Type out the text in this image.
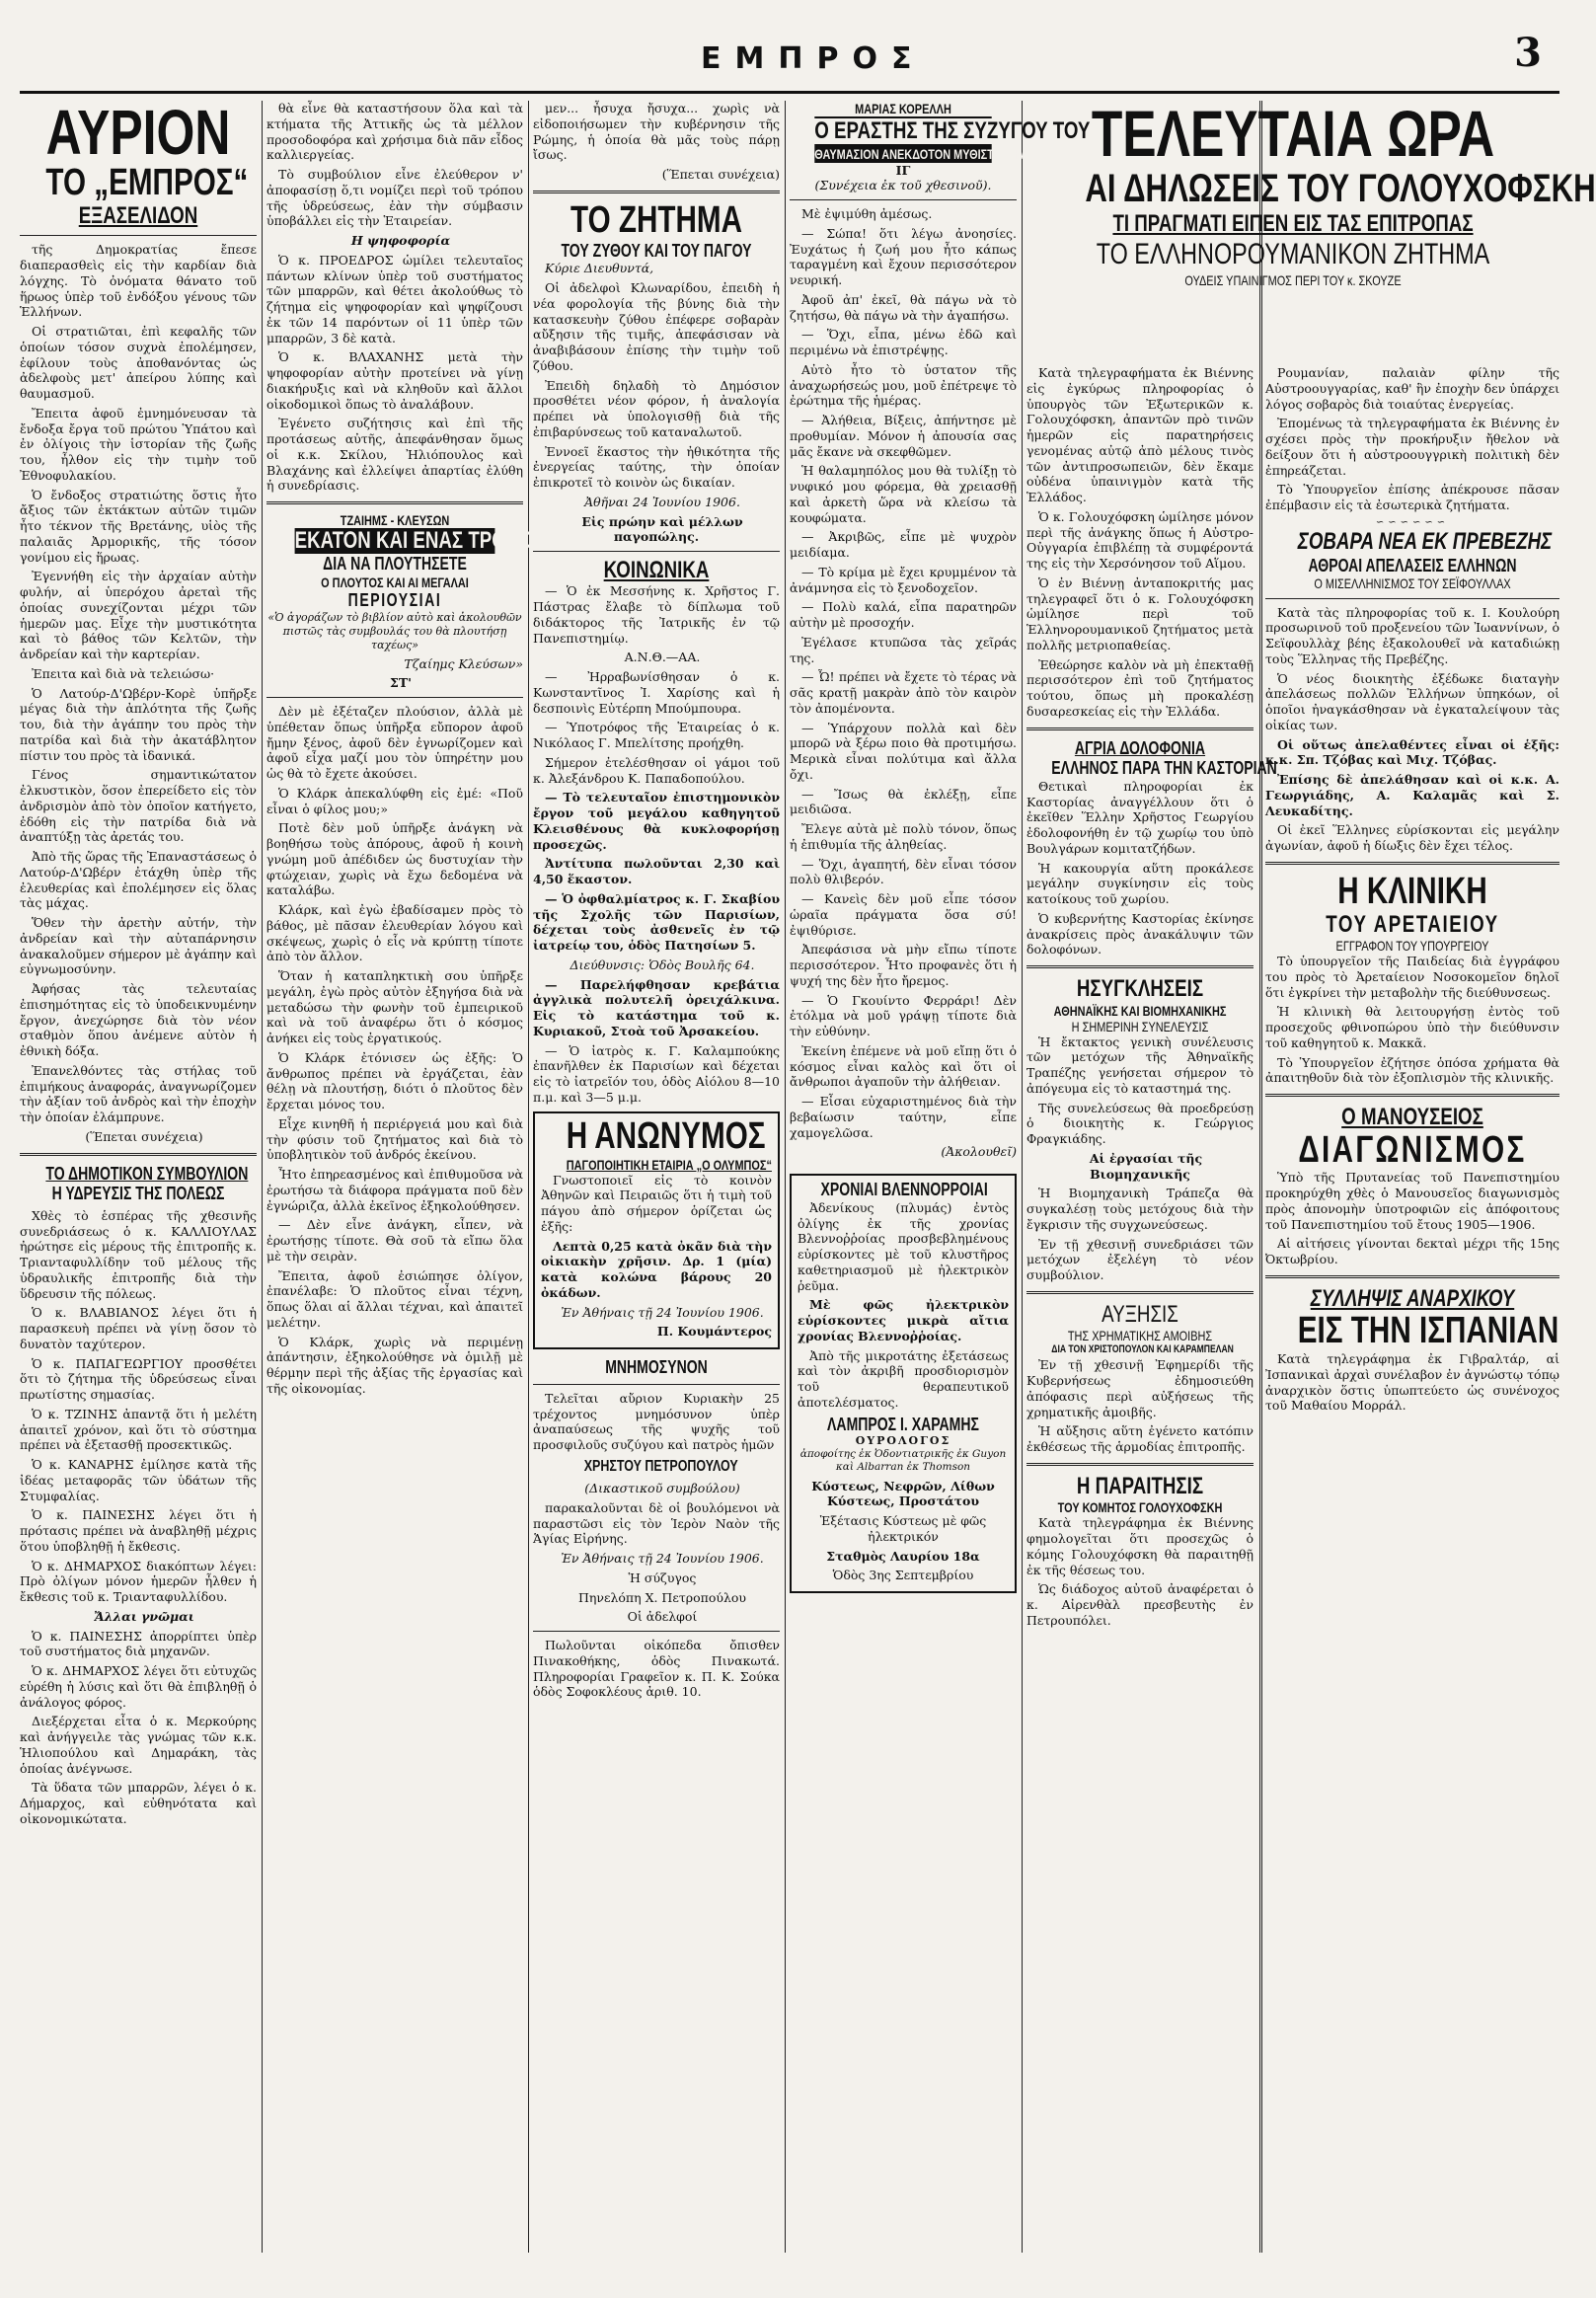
ΕΜΠΡΟΣ	3
ΑΥΡΙΟΝ
ΤΟ „ΕΜΠΡΟΣ“
ΕΞΑΣΕΛΙΔΟΝ

τῆς Δημοκρατίας ἔπεσε διαπερασθεὶς εἰς τὴν καρδίαν διὰ λόγχης. Τὸ ὀνόματα θάνατο τοῦ ἥρωος ὑπὲρ τοῦ ἐνδόξου γένους τῶν Ἑλλήνων.

Οἱ στρατιῶται, ἐπὶ κεφαλῆς τῶν ὁποίων τόσον συχνὰ ἐπολέμησεν, ἐφίλουν τοὺς ἀποθανόντας ὡς ἀδελφοὺς μετ' ἀπείρου λύπης καὶ θαυμασμοῦ.

Ἔπειτα ἀφοῦ ἐμνημόνευσαν τὰ ἔνδοξα ἔργα τοῦ πρώτου Ὑπάτου καὶ ἐν ὀλίγοις τὴν ἱστορίαν τῆς ζωῆς του, ἦλθον εἰς τὴν τιμὴν τοῦ Ἐθνοφυλακίου.

Ὁ ἔνδοξος στρατιώτης ὅστις ἦτο ἄξιος τῶν ἐκτάκτων αὐτῶν τιμῶν ἦτο τέκνον τῆς Βρετάνης, υἱὸς τῆς παλαιᾶς Ἀρμορικῆς, τῆς τόσον γονίμου εἰς ἥρωας.

Ἐγεννήθη εἰς τὴν ἀρχαίαν αὐτὴν φυλήν, αἱ ὑπερόχου ἀρεταὶ τῆς ὁποίας συνεχίζονται μέχρι τῶν ἡμερῶν μας. Εἶχε τὴν μυστικότητα καὶ τὸ βάθος τῶν Κελτῶν, τὴν ἀνδρείαν καὶ τὴν καρτερίαν.

Ἐπειτα καὶ διὰ νὰ τελειώσω·

Ὁ Λατούρ-Δ'Ωβέρν-Κορὲ ὑπῆρξε μέγας διὰ τὴν ἀπλότητα τῆς ζωῆς του, διὰ τὴν ἀγάπην του πρὸς τὴν πατρίδα καὶ διὰ τὴν ἀκατάβλητον πίστιν του πρὸς τὰ ἰδανικά.

Γένος σημαντικώτατον ἐλκυστικὸν, ὅσον ἐπερείδετο εἰς τὸν ἀνδρισμὸν ἀπὸ τὸν ὁποῖον κατήγετο, ἐδόθη εἰς τὴν πατρίδα διὰ νὰ ἀναπτύξῃ τὰς ἀρετάς του.

Ἀπὸ τῆς ὥρας τῆς Ἐπαναστάσεως ὁ Λατούρ-Δ'Ωβέρν ἐτάχθη ὑπὲρ τῆς ἐλευθερίας καὶ ἐπολέμησεν εἰς ὅλας τὰς μάχας.

Ὅθεν τὴν ἀρετὴν αὐτήν, τὴν ἀνδρείαν καὶ τὴν αὐταπάρνησιν ἀνακαλοῦμεν σήμερον μὲ ἀγάπην καὶ εὐγνωμοσύνην.

Ἀφήσας τὰς τελευταίας ἐπισημότητας εἰς τὸ ὑποδεικνυμένην ἔργον, ἀνεχώρησε διὰ τὸν νέον σταθμὸν ὅπου ἀνέμενε αὐτὸν ἡ ἐθνικὴ δόξα.

Ἐπανελθόντες τὰς στήλας τοῦ ἐπιμήκους ἀναφοράς, ἀναγνωρίζομεν τὴν ἀξίαν τοῦ ἀνδρὸς καὶ τὴν ἐποχὴν τὴν ὁποίαν ἐλάμπρυνε.

(Ἕπεται συνέχεια)

ΤΟ ΔΗΜΟΤΙΚΟΝ ΣΥΜΒΟΥΛΙΟΝ
Η ΥΔΡΕΥΣΙΣ ΤΗΣ ΠΟΛΕΩΣ

Χθὲς τὸ ἑσπέρας τῆς χθεσινῆς συνεδριάσεως ὁ κ. ΚΑΛΛΙΟΥΛΑΣ ἠρώτησε εἰς μέρους τῆς ἐπιτροπῆς κ. Τριανταφυλλίδην τοῦ μέλους τῆς ὑδραυλικῆς ἐπιτροπῆς διὰ τὴν ὕδρευσιν τῆς πόλεως.

Ὁ κ. ΒΛΑΒΙΑΝΟΣ λέγει ὅτι ἡ παρασκευὴ πρέπει νὰ γίνῃ ὅσον τὸ δυνατὸν ταχύτερον.

Ὁ κ. ΠΑΠΑΓΕΩΡΓΙΟΥ προσθέτει ὅτι τὸ ζήτημα τῆς ὑδρεύσεως εἶναι πρωτίστης σημασίας.

Ὁ κ. ΤΖΙΝΗΣ ἀπαντᾷ ὅτι ἡ μελέτη ἀπαιτεῖ χρόνον, καὶ ὅτι τὸ σύστημα πρέπει νὰ ἐξετασθῇ προσεκτικῶς.

Ὁ κ. ΚΑΝΑΡΗΣ ἐμίλησε κατὰ τῆς ἰδέας μεταφορᾶς τῶν ὑδάτων τῆς Στυμφαλίας.

Ὁ κ. ΠΑΙΝΕΣΗΣ λέγει ὅτι ἡ πρότασις πρέπει νὰ ἀναβληθῇ μέχρις ὅτου ὑποβληθῇ ἡ ἔκθεσις.

Ὁ κ. ΔΗΜΑΡΧΟΣ διακόπτων λέγει: Πρὸ ὀλίγων μόνον ἡμερῶν ἦλθεν ἡ ἔκθεσις τοῦ κ. Τριανταφυλλίδου.

Ἄλλαι γνῶμαι

Ὁ κ. ΠΑΙΝΕΣΗΣ ἀπορρίπτει ὑπὲρ τοῦ συστήματος διὰ μηχανῶν.

Ὁ κ. ΔΗΜΑΡΧΟΣ λέγει ὅτι εὐτυχῶς εὑρέθη ἡ λύσις καὶ ὅτι θὰ ἐπιβληθῇ ὁ ἀνάλογος φόρος.

Διεξέρχεται εἶτα ὁ κ. Μερκούρης καὶ ἀνήγγειλε τὰς γνώμας τῶν κ.κ. Ἡλιοπούλου καὶ Δημαράκη, τὰς ὁποίας ἀνέγνωσε.

Τὰ ὕδατα τῶν μπαρρῶν, λέγει ὁ κ. Δήμαρχος, καὶ εὐθηνότατα καὶ οἰκονομικώτατα.

θὰ εἶνε θὰ καταστήσουν ὅλα καὶ τὰ κτήματα τῆς Ἀττικῆς ὡς τὰ μέλλον προσοδοφόρα καὶ χρήσιμα διὰ πᾶν εἶδος καλλιεργείας.

Τὸ συμβούλιον εἶνε ἐλεύθερον ν' ἀποφασίσῃ ὅ,τι νομίζει περὶ τοῦ τρόπου τῆς ὑδρεύσεως, ἐὰν τὴν σύμβασιν ὑποβάλλει εἰς τὴν Ἑταιρείαν.

Η ψηφοφορία

Ὁ κ. ΠΡΟΕΔΡΟΣ ὡμίλει τελευταῖος πάντων κλίνων ὑπὲρ τοῦ συστήματος τῶν μπαρρῶν, καὶ θέτει ἀκολούθως τὸ ζήτημα εἰς ψηφοφορίαν καὶ ψηφίζουσι ἐκ τῶν 14 παρόντων οἱ 11 ὑπὲρ τῶν μπαρρῶν, 3 δὲ κατὰ.

Ὁ κ. ΒΛΑΧΑΝΗΣ μετὰ τὴν ψηφοφορίαν αὐτὴν προτείνει νὰ γίνῃ διακήρυξις καὶ νὰ κληθοῦν καὶ ἄλλοι οἰκοδομικοὶ ὅπως τὸ ἀναλάβουν.

Ἐγένετο συζήτησις καὶ ἐπὶ τῆς προτάσεως αὐτῆς, ἀπεφάνθησαν ὅμως οἱ κ.κ. Σκίλου, Ἠλιόπουλος καὶ Βλαχάνης καὶ ἐλλείψει ἀπαρτίας ἐλύθη ἡ συνεδρίασις.

ΤΖΑΙΗΜΣ - ΚΛΕΥΣΩΝ
ΕΚΑΤΟΝ ΚΑΙ ΕΝΑΣ ΤΡΟΠΟΙ
ΔΙΑ ΝΑ ΠΛΟΥΤΗΣΕΤΕ
Ο ΠΛΟΥΤΟΣ ΚΑΙ ΑΙ ΜΕΓΑΛΑΙ
ΠΕΡΙΟΥΣΙΑΙ

«Ὁ ἀγοράζων τὸ βιβλίον αὐτὸ καὶ ἀκολουθῶν πιστῶς τὰς συμβουλάς του θὰ πλουτήσῃ ταχέως»

Τζαίημς Κλεύσων»

ΣΤ'

Δὲν μὲ ἐξέταζεν πλούσιον, ἀλλὰ μὲ ὑπέθεταν ὅπως ὑπῆρξα εὔπορον ἀφοῦ ἤμην ξένος, ἀφοῦ δὲν ἐγνωρίζομεν καὶ ἀφοῦ εἶχα μαζί μου τὸν ὑπηρέτην μου ὡς θὰ τὸ ἔχετε ἀκούσει.

Ὁ Κλάρκ ἀπεκαλύφθη εἰς ἐμέ: «Ποῦ εἶναι ὁ φίλος μου;»

Ποτὲ δὲν μοῦ ὑπῆρξε ἀνάγκη νὰ βοηθήσω τοὺς ἀπόρους, ἀφοῦ ἡ κοινὴ γνώμη μοῦ ἀπέδιδεν ὡς δυστυχίαν τὴν φτώχειαν, χωρὶς νὰ ἔχω δεδομένα νὰ καταλάβω.

Κλάρκ, καὶ ἐγὼ ἐβαδίσαμεν πρὸς τὸ βάθος, μὲ πᾶσαν ἐλευθερίαν λόγου καὶ σκέψεως, χωρὶς ὁ εἷς νὰ κρύπτῃ τίποτε ἀπὸ τὸν ἄλλον.

Ὅταν ἡ καταπληκτικὴ σου ὑπῆρξε μεγάλη, ἐγὼ πρὸς αὐτὸν ἐξηγήσα διὰ νὰ μεταδώσω τὴν φωνὴν τοῦ ἐμπειρικοῦ καὶ νὰ τοῦ ἀναφέρω ὅτι ὁ κόσμος ἀνήκει εἰς τοὺς ἐργατικούς.

Ὁ Κλάρκ ἐτόνισεν ὡς ἐξῆς: Ὁ ἄνθρωπος πρέπει νὰ ἐργάζεται, ἐὰν θέλῃ νὰ πλουτήσῃ, διότι ὁ πλοῦτος δὲν ἔρχεται μόνος του.

Εἶχε κινηθῆ ἡ περιέργειά μου καὶ διὰ τὴν φύσιν τοῦ ζητήματος καὶ διὰ τὸ ὑποβλητικὸν τοῦ ἀνδρός ἐκείνου.

Ἦτο ἐπηρεασμένος καὶ ἐπιθυμοῦσα νὰ ἐρωτήσω τὰ διάφορα πράγματα ποῦ δὲν ἐγνώριζα, ἀλλὰ ἐκεῖνος ἐξηκολούθησεν.

— Δὲν εἶνε ἀνάγκη, εἶπεν, νὰ ἐρωτήσῃς τίποτε. Θὰ σοῦ τὰ εἴπω ὅλα μὲ τὴν σειρὰν.

Ἔπειτα, ἀφοῦ ἐσιώπησε ὀλίγον, ἐπανέλαβε: Ὁ πλοῦτος εἶναι τέχνη, ὅπως ὅλαι αἱ ἄλλαι τέχναι, καὶ ἀπαιτεῖ μελέτην.

Ὁ Κλάρκ, χωρὶς νὰ περιμένῃ ἀπάντησιν, ἐξηκολούθησε νὰ ὁμιλῇ μὲ θέρμην περὶ τῆς ἀξίας τῆς ἐργασίας καὶ τῆς οἰκονομίας.

μεν... ἦσυχα ἤσυχα... χωρὶς νὰ εἰδοποιήσωμεν τὴν κυβέρνησιν τῆς Ρώμης, ἡ ὁποία θὰ μᾶς τοὺς πάρῃ ἴσως.

(Ἕπεται συνέχεια)

ΤΟ ΖΗΤΗΜΑ
ΤΟΥ ΖΥΘΟΥ ΚΑΙ ΤΟΥ ΠΑΓΟΥ

Κύριε Διευθυντά,

Οἱ ἀδελφοὶ Κλωναρίδου, ἐπειδὴ ἡ νέα φορολογία τῆς βύνης διὰ τὴν κατασκευὴν ζύθου ἐπέφερε σοβαρὰν αὔξησιν τῆς τιμῆς, ἀπεφάσισαν νὰ ἀναβιβάσουν ἐπίσης τὴν τιμὴν τοῦ ζύθου.

Ἐπειδὴ δηλαδὴ τὸ Δημόσιον προσθέτει νέον φόρον, ἡ ἀναλογία πρέπει νὰ ὑπολογισθῇ διὰ τῆς ἐπιβαρύνσεως τοῦ καταναλωτοῦ.

Ἐννοεῖ ἕκαστος τὴν ἠθικότητα τῆς ἐνεργείας ταύτης, τὴν ὁποίαν ἐπικροτεῖ τὸ κοινὸν ὡς δικαίαν.

Ἀθῆναι 24 Ἰουνίου 1906.

Εἰς πρώην καὶ μέλλων παγοπώλης.

ΚΟΙΝΩΝΙΚΑ

— Ὁ ἐκ Μεσσήνης κ. Χρῆστος Γ. Πάστρας ἔλαβε τὸ δίπλωμα τοῦ διδάκτορος τῆς Ἰατρικῆς ἐν τῷ Πανεπιστημίῳ.

Α.Ν.Θ.—ΑΑ.

— Ἠρραβωνίσθησαν ὁ κ. Κωνσταντῖνος Ἰ. Χαρίσης καὶ ἡ δεσποινὶς Εὐτέρπη Μπούμπουρα.

— Ὑποτρόφος τῆς Ἑταιρείας ὁ κ. Νικόλαος Γ. Μπελίτσης προήχθη.

Σήμερον ἐτελέσθησαν οἱ γάμοι τοῦ κ. Ἀλεξάνδρου Κ. Παπαδοπούλου.

— Τὸ τελευταῖον ἐπιστημονικὸν ἔργον τοῦ μεγάλου καθηγητοῦ Κλεισθένους θὰ κυκλοφορήσῃ προσεχῶς.

Ἀντίτυπα πωλοῦνται 2,30 καὶ 4,50 ἕκαστον.

— Ὁ ὀφθαλμίατρος κ. Γ. Σκαβίου τῆς Σχολῆς τῶν Παρισίων, δέχεται τοὺς ἀσθενεῖς ἐν τῷ ἰατρείῳ του, ὁδὸς Πατησίων 5.

Διεύθυνσις: Ὁδὸς Βουλῆς 64.

— Παρελήφθησαν κρεβάτια ἀγγλικὰ πολυτελῆ ὀρειχάλκινα. Εἰς τὸ κατάστημα τοῦ κ. Κυριακοῦ, Στοὰ τοῦ Ἀρσακείου.

— Ὁ ἰατρὸς κ. Γ. Καλαμπούκης ἐπανῆλθεν ἐκ Παρισίων καὶ δέχεται εἰς τὸ ἰατρεῖόν του, ὁδὸς Αἰόλου 8—10 π.μ. καὶ 3—5 μ.μ.

Η ΑΝΩΝΥΜΟΣ
ΠΑΓΟΠΟΙΗΤΙΚΗ ΕΤΑΙΡΙΑ „Ο ΟΛΥΜΠΟΣ“

Γνωστοποιεῖ εἰς τὸ κοινὸν Ἀθηνῶν καὶ Πειραιῶς ὅτι ἡ τιμὴ τοῦ πάγου ἀπὸ σήμερον ὁρίζεται ὡς ἑξῆς:

Λεπτὰ 0,25 κατὰ ὀκᾶν διὰ τὴν οἰκιακὴν χρῆσιν. Δρ. 1 (μία) κατὰ κολώνα βάρους 20 ὀκάδων.

Ἐν Ἀθήναις τῇ 24 Ἰουνίου 1906.

Π. Κουμάντερος

ΜΝΗΜΟΣΥΝΟΝ

Τελεῖται αὔριον Κυριακὴν 25 τρέχοντος μνημόσυνον ὑπὲρ ἀναπαύσεως τῆς ψυχῆς τοῦ προσφιλοῦς συζύγου καὶ πατρὸς ἡμῶν

ΧΡΗΣΤΟΥ ΠΕΤΡΟΠΟΥΛΟΥ

(Δικαστικοῦ συμβούλου)

παρακαλοῦνται δὲ οἱ βουλόμενοι νὰ παραστῶσι εἰς τὸν Ἱερὸν Ναὸν τῆς Ἁγίας Εἰρήνης.

Ἐν Ἀθήναις τῇ 24 Ἰουνίου 1906.

Ἡ σύζυγος

Πηνελόπη Χ. Πετροπούλου

Οἱ ἀδελφοί

Πωλοῦνται οἰκόπεδα ὄπισθεν Πινακοθήκης, ὁδὸς Πινακωτά. Πληροφορίαι Γραφεῖον κ. Π. Κ. Σούκα ὁδὸς Σοφοκλέους ἀριθ. 10.

ΜΑΡΙΑΣ ΚΟΡΕΛΛΗ
Ο ΕΡΑΣΤΗΣ ΤΗΣ ΣΥΖΥΓΟΥ ΤΟΥ
ΘΑΥΜΑΣΙΟΝ ΑΝΕΚΔΟΤΟΝ ΜΥΘΙΣΤΟΡΗΜΑ
ΙΓ
(Συνέχεια ἐκ τοῦ χθεσινοῦ).

Μὲ ἐψιμύθη ἀμέσως.

— Σώπα! ὅτι λέγω ἀνοησίες. Ἐυχάτως ἡ ζωή μου ἦτο κάπως ταραγμένη καὶ ἔχουν περισσότερον νευρική.

Ἀφοῦ ἀπ' ἐκεῖ, θὰ πάγω νὰ τὸ ζητήσω, θὰ πάγω νὰ τὴν ἀγαπήσω.

— Ὅχι, εἶπα, μένω ἐδῶ καὶ περιμένω νὰ ἐπιστρέψῃς.

Αὐτὸ ἦτο τὸ ὑστατον τῆς ἀναχωρήσεώς μου, μοῦ ἐπέτρεψε τὸ ἐρώτημα τῆς ἡμέρας.

— Ἀλήθεια, Βίξεις, ἀπήντησε μὲ προθυμίαν. Μόνον ἡ ἀπουσία σας μᾶς ἔκανε νὰ σκεφθῶμεν.

Ἡ θαλαμηπόλος μου θὰ τυλίξῃ τὸ νυφικό μου φόρεμα, θὰ χρειασθῇ καὶ ἀρκετὴ ὥρα νὰ κλείσω τὰ κουφώματα.

— Ἀκριβῶς, εἶπε μὲ ψυχρὸν μειδίαμα.

— Τὸ κρίμα μὲ ἔχει κρυμμένον τὰ ἀνάμνησα εἰς τὸ ξενοδοχεῖον.

— Πολὺ καλά, εἶπα παρατηρῶν αὐτὴν μὲ προσοχήν.

Ἐγέλασε κτυπῶσα τὰς χεῖράς της.

— Ὦ! πρέπει νὰ ἔχετε τὸ τέρας νὰ σᾶς κρατῇ μακρὰν ἀπὸ τὸν καιρὸν τὸν ἀπομένοντα.

— Ὑπάρχουν πολλὰ καὶ δὲν μπορῶ νὰ ξέρω ποιο θὰ προτιμήσω. Μερικὰ εἶναι πολύτιμα καὶ ἄλλα ὄχι.

— Ἴσως θὰ ἐκλέξῃ, εἶπε μειδιῶσα.

Ἔλεγε αὐτὰ μὲ πολὺ τόνον, ὅπως ἡ ἐπιθυμία τῆς ἀληθείας.

— Ὅχι, ἀγαπητή, δὲν εἶναι τόσον πολὺ θλιβερόν.

— Κανεὶς δὲν μοῦ εἶπε τόσον ὡραῖα πράγματα ὅσα σύ! ἐψιθύρισε.

Ἀπεφάσισα νὰ μὴν εἴπω τίποτε περισσότερον. Ἦτο προφανὲς ὅτι ἡ ψυχή της δὲν ἦτο ἤρεμος.

— Ὁ Γκουίντο Φερράρι! Δὲν ἐτόλμα νὰ μοῦ γράψῃ τίποτε διὰ τὴν εὐθύνην.

Ἐκείνη ἐπέμενε νὰ μοῦ εἴπῃ ὅτι ὁ κόσμος εἶναι καλὸς καὶ ὅτι οἱ ἄνθρωποι ἀγαποῦν τὴν ἀλήθειαν.

— Εἶσαι εὐχαριστημένος διὰ τὴν βεβαίωσιν ταύτην, εἶπε χαμογελῶσα.

(Ἀκολουθεῖ)

ΧΡΟΝΙΑΙ ΒΛΕΝΝΟΡΡΟΙΑΙ

Ἀδενίκους (πλυμάς) ἐντὸς ὀλίγης ἐκ τῆς χρονίας Βλεννοῤῥοίας προσβεβλημένους εὐρίσκοντες μὲ τοῦ κλυστῆρος καθετηριασμοῦ μὲ ἠλεκτρικὸν ῥεῦμα.

Μὲ φῶς ἠλεκτρικὸν εὑρίσκοντες μικρὰ αἴτια χρονίας Βλεννοῤῥοίας.

Ἀπὸ τῆς μικροτάτης ἐξετάσεως καὶ τὸν ἀκριβῆ προσδιορισμὸν τοῦ θεραπευτικοῦ ἀποτελέσματος.

ΛΑΜΠΡΟΣ Ι. ΧΑΡΑΜΗΣ
ΟΥΡΟΛΟΓΟΣ

ἀποφοίτης ἐκ Ὀδοντιατρικῆς ἐκ Guyon καὶ Albarran ἐκ Thomson

Κύστεως, Νεφρῶν, Λίθων Κύστεως, Προστάτου

Ἑξέτασις Κύστεως μὲ φῶς ἠλεκτρικόν

Σταθμὸς Λαυρίου 18α

Ὁδὸς 3ης Σεπτεμβρίου

ΤΕΛΕΥΤΑΙΑ ΩΡΑ
ΑΙ ΔΗΛΩΣΕΙΣ ΤΟΥ ΓΟΛΟΥΧΟΦΣΚΗ
ΤΙ ΠΡΑΓΜΑΤΙ ΕΙΠΕΝ ΕΙΣ ΤΑΣ ΕΠΙΤΡΟΠΑΣ
ΤΟ ΕΛΛΗΝΟΡΟΥΜΑΝΙΚΟΝ ΖΗΤΗΜΑ
ΟΥΔΕΙΣ ΥΠΑΙΝΙΓΜΟΣ ΠΕΡΙ ΤΟΥ κ. ΣΚΟΥΖΕ

Κατὰ τηλεγραφήματα ἐκ Βιέννης εἰς ἐγκύρως πληροφορίας ὁ ὑπουργὸς τῶν Ἐξωτερικῶν κ. Γολουχόφσκη, ἀπαντῶν πρὸ τινῶν ἡμερῶν εἰς παρατηρήσεις γενομένας αὐτῷ ἀπὸ μέλους τινὸς τῶν ἀντιπροσωπειῶν, δὲν ἔκαμε οὐδένα ὑπαινιγμὸν κατὰ τῆς Ἑλλάδος.

Ὁ κ. Γολουχόφσκη ὡμίλησε μόνον περὶ τῆς ἀνάγκης ὅπως ἡ Αὐστρο-Οὐγγαρία ἐπιβλέπῃ τὰ συμφέροντά της εἰς τὴν Χερσόνησον τοῦ Αἵμου.

Ὁ ἐν Βιέννῃ ἀνταποκριτής μας τηλεγραφεῖ ὅτι ὁ κ. Γολουχόφσκη ὡμίλησε περὶ τοῦ Ἑλληνορουμανικοῦ ζητήματος μετὰ πολλῆς μετριοπαθείας.

Ἐθεώρησε καλὸν νὰ μὴ ἐπεκταθῇ περισσότερον ἐπὶ τοῦ ζητήματος τούτου, ὅπως μὴ προκαλέσῃ δυσαρεσκείας εἰς τὴν Ἑλλάδα.

ΑΓΡΙΑ ΔΟΛΟΦΟΝΙΑ
ΕΛΛΗΝΟΣ ΠΑΡΑ ΤΗΝ ΚΑΣΤΟΡΙΑΝ

Θετικαὶ πληροφορίαι ἐκ Καστορίας ἀναγγέλλουν ὅτι ὁ ἐκεῖθεν Ἕλλην Χρῆστος Γεωργίου ἐδολοφονήθη ἐν τῷ χωρίῳ του ὑπὸ Βουλγάρων κομιτατζήδων.

Ἡ κακουργία αὕτη προκάλεσε μεγάλην συγκίνησιν εἰς τοὺς κατοίκους τοῦ χωρίου.

Ὁ κυβερνήτης Καστορίας ἐκίνησε ἀνακρίσεις πρὸς ἀνακάλυψιν τῶν δολοφόνων.

ΗΣΥΓΚΛΗΣΕΙΣ
ΑΘΗΝΑΪΚΗΣ ΚΑΙ ΒΙΟΜΗΧΑΝΙΚΗΣ
Η ΣΗΜΕΡΙΝΗ ΣΥΝΕΛΕΥΣΙΣ

Ἡ ἔκτακτος γενικὴ συνέλευσις τῶν μετόχων τῆς Ἀθηναϊκῆς Τραπέζης γενήσεται σήμερον τὸ ἀπόγευμα εἰς τὸ καταστημά της.

Τῆς συνελεύσεως θὰ προεδρεύσῃ ὁ διοικητὴς κ. Γεώργιος Φραγκιάδης.

Αἱ ἐργασίαι τῆς Βιομηχανικῆς

Ἡ Βιομηχανικὴ Τράπεζα θὰ συγκαλέσῃ τοὺς μετόχους διὰ τὴν ἔγκρισιν τῆς συγχωνεύσεως.

Ἐν τῇ χθεσινῇ συνεδριάσει τῶν μετόχων ἐξελέγη τὸ νέον συμβούλιον.

ΑΥΞΗΣΙΣ
ΤΗΣ ΧΡΗΜΑΤΙΚΗΣ ΑΜΟΙΒΗΣ
ΔΙΑ ΤΟΝ ΧΡΙΣΤΟΠΟΥΛΟΝ ΚΑΙ ΚΑΡΑΜΠΕΛΑΝ

Ἐν τῇ χθεσινῇ Ἐφημερίδι τῆς Κυβερνήσεως ἐδημοσιεύθη ἀπόφασις περὶ αὐξήσεως τῆς χρηματικῆς ἀμοιβῆς.

Ἡ αὔξησις αὕτη ἐγένετο κατόπιν ἐκθέσεως τῆς ἁρμοδίας ἐπιτροπῆς.

Η ΠΑΡΑΙΤΗΣΙΣ
ΤΟΥ ΚΟΜΗΤΟΣ ΓΟΛΟΥΧΟΦΣΚΗ

Κατὰ τηλεγράφημα ἐκ Βιέννης φημολογεῖται ὅτι προσεχῶς ὁ κόμης Γολουχόφσκη θὰ παραιτηθῇ ἐκ τῆς θέσεως του.

Ὡς διάδοχος αὐτοῦ ἀναφέρεται ὁ κ. Αἰρενθὰλ πρεσβευτὴς ἐν Πετρουπόλει.

Ρουμανίαν, παλαιὰν φίλην τῆς Αὐστροουγγαρίας, καθ' ἣν ἐποχὴν δεν ὑπάρχει λόγος σοβαρὸς διὰ τοιαύτας ἐνεργείας.

Ἐπομένως τὰ τηλεγραφήματα ἐκ Βιέννης ἐν σχέσει πρὸς τὴν προκήρυξιν ἤθελον νὰ δείξουν ὅτι ἡ αὐστροουγγρικὴ πολιτικὴ δὲν ἐπηρεάζεται.

Τὸ Ὑπουργεῖον ἐπίσης ἀπέκρουσε πᾶσαν ἐπέμβασιν εἰς τὰ ἐσωτερικὰ ζητήματα.

∽∽∽∽∽∽
ΣΟΒΑΡΑ ΝΕΑ ΕΚ ΠΡΕΒΕΖΗΣ
ΑΘΡΟΑΙ ΑΠΕΛΑΣΕΙΣ ΕΛΛΗΝΩΝ
Ο ΜΙΣΕΛΛΗΝΙΣΜΟΣ ΤΟΥ ΣΕΪΦΟΥΛΛΑΧ

Κατὰ τὰς πληροφορίας τοῦ κ. Ι. Κουλούρη προσωρινοῦ τοῦ προξενείου τῶν Ἰωαννίνων, ὁ Σεϊφουλλὰχ βέης ἐξακολουθεῖ νὰ καταδιώκῃ τοὺς Ἕλληνας τῆς Πρεβέζης.

Ὁ νέος διοικητὴς ἐξέδωκε διαταγὴν ἀπελάσεως πολλῶν Ἑλλήνων ὑπηκόων, οἱ ὁποῖοι ἠναγκάσθησαν νὰ ἐγκαταλείψουν τὰς οἰκίας των.

Οἱ οὕτως ἀπελαθέντες εἶναι οἱ ἑξῆς: κ.κ. Σπ. Τζόβας καὶ Μιχ. Τζόβας.

Ἐπίσης δὲ ἀπελάθησαν καὶ οἱ κ.κ. Α. Γεωργιάδης, Α. Καλαμᾶς καὶ Σ. Λευκαδίτης.

Οἱ ἐκεῖ Ἕλληνες εὑρίσκονται εἰς μεγάλην ἀγωνίαν, ἀφοῦ ἡ δίωξις δὲν ἔχει τέλος.

Η ΚΛΙΝΙΚΗ
ΤΟΥ ΑΡΕΤΑΙΕΙΟΥ
ΕΓΓΡΑΦΟΝ ΤΟΥ ΥΠΟΥΡΓΕΙΟΥ

Τὸ ὑπουργεῖον τῆς Παιδείας διὰ ἐγγράφου του πρὸς τὸ Ἀρεταίειον Νοσοκομεῖον δηλοῖ ὅτι ἐγκρίνει τὴν μεταβολὴν τῆς διεύθυνσεως.

Ἡ κλινικὴ θὰ λειτουργήσῃ ἐντὸς τοῦ προσεχοῦς φθινοπώρου ὑπὸ τὴν διεύθυνσιν τοῦ καθηγητοῦ κ. Μακκᾶ.

Τὸ Ὑπουργεῖον ἐζήτησε ὁπόσα χρήματα θὰ ἀπαιτηθοῦν διὰ τὸν ἐξοπλισμὸν τῆς κλινικῆς.

Ο ΜΑΝΟΥΣΕΙΟΣ
ΔΙΑΓΩΝΙΣΜΟΣ

Ὑπὸ τῆς Πρυτανείας τοῦ Πανεπιστημίου προκηρύχθη χθὲς ὁ Μανουσεῖος διαγωνισμὸς πρὸς ἀπονομὴν ὑποτροφιῶν εἰς ἀπόφοιτους τοῦ Πανεπιστημίου τοῦ ἔτους 1905—1906.

Αἱ αἰτήσεις γίνονται δεκταὶ μέχρι τῆς 15ης Ὀκτωβρίου.

ΣΥΛΛΗΨΙΣ ΑΝΑΡΧΙΚΟΥ
ΕΙΣ ΤΗΝ ΙΣΠΑΝΙΑΝ

Κατὰ τηλεγράφημα ἐκ Γιβραλτάρ, αἱ Ἰσπανικαὶ ἀρχαὶ συνέλαβον ἐν ἀγνώστῳ τόπῳ ἀναρχικὸν ὅστις ὑπωπτεύετο ὡς συνένοχος τοῦ Μαθαίου Μορράλ.
